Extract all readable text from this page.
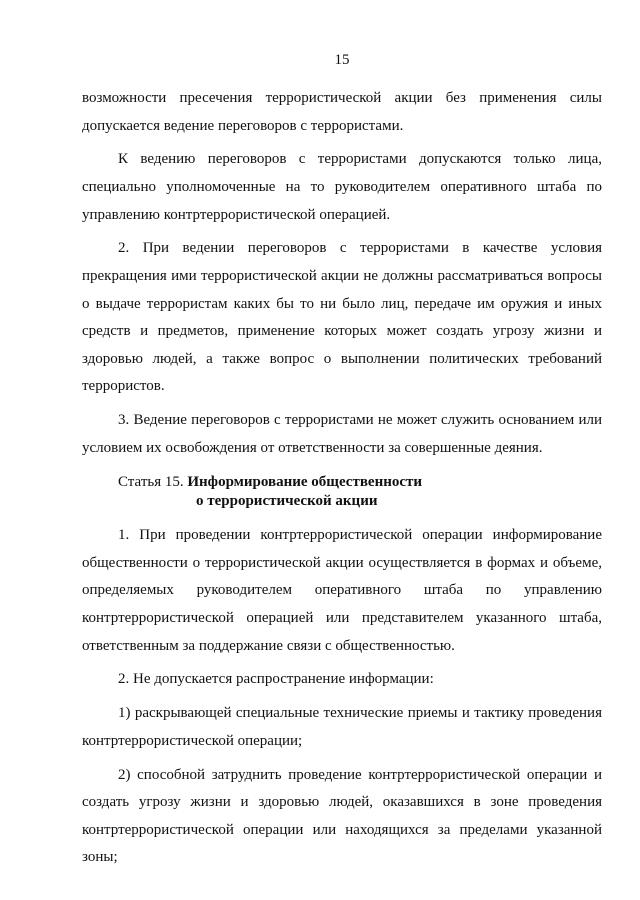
15

возможности пресечения террористической акции без применения силы допускается ведение переговоров с террористами.

К ведению переговоров с террористами допускаются только лица, специально уполномоченные на то руководителем оперативного штаба по управлению контртеррористической операцией.

2. При ведении переговоров с террористами в качестве условия прекращения ими террористической акции не должны рассматриваться вопросы о выдаче террористам каких бы то ни было лиц, передаче им оружия и иных средств и предметов, применение которых может создать угрозу жизни и здоровью людей, а также вопрос о выполнении политических требований террористов.

3. Ведение переговоров с террористами не может служить основанием или условием их освобождения от ответственности за совершенные деяния.

Статья 15. Информирование общественности
о террористической акции

1. При проведении контртеррористической операции информирование общественности о террористической акции осуществляется в формах и объеме, определяемых руководителем оперативного штаба по управлению контртеррористической операцией или представителем указанного штаба, ответственным за поддержание связи с общественностью.

2. Не допускается распространение информации:

1) раскрывающей специальные технические приемы и тактику проведения контртеррористической операции;

2) способной затруднить проведение контртеррористической операции и создать угрозу жизни и здоровью людей, оказавшихся в зоне проведения контртеррористической операции или находящихся за пределами указанной зоны;
